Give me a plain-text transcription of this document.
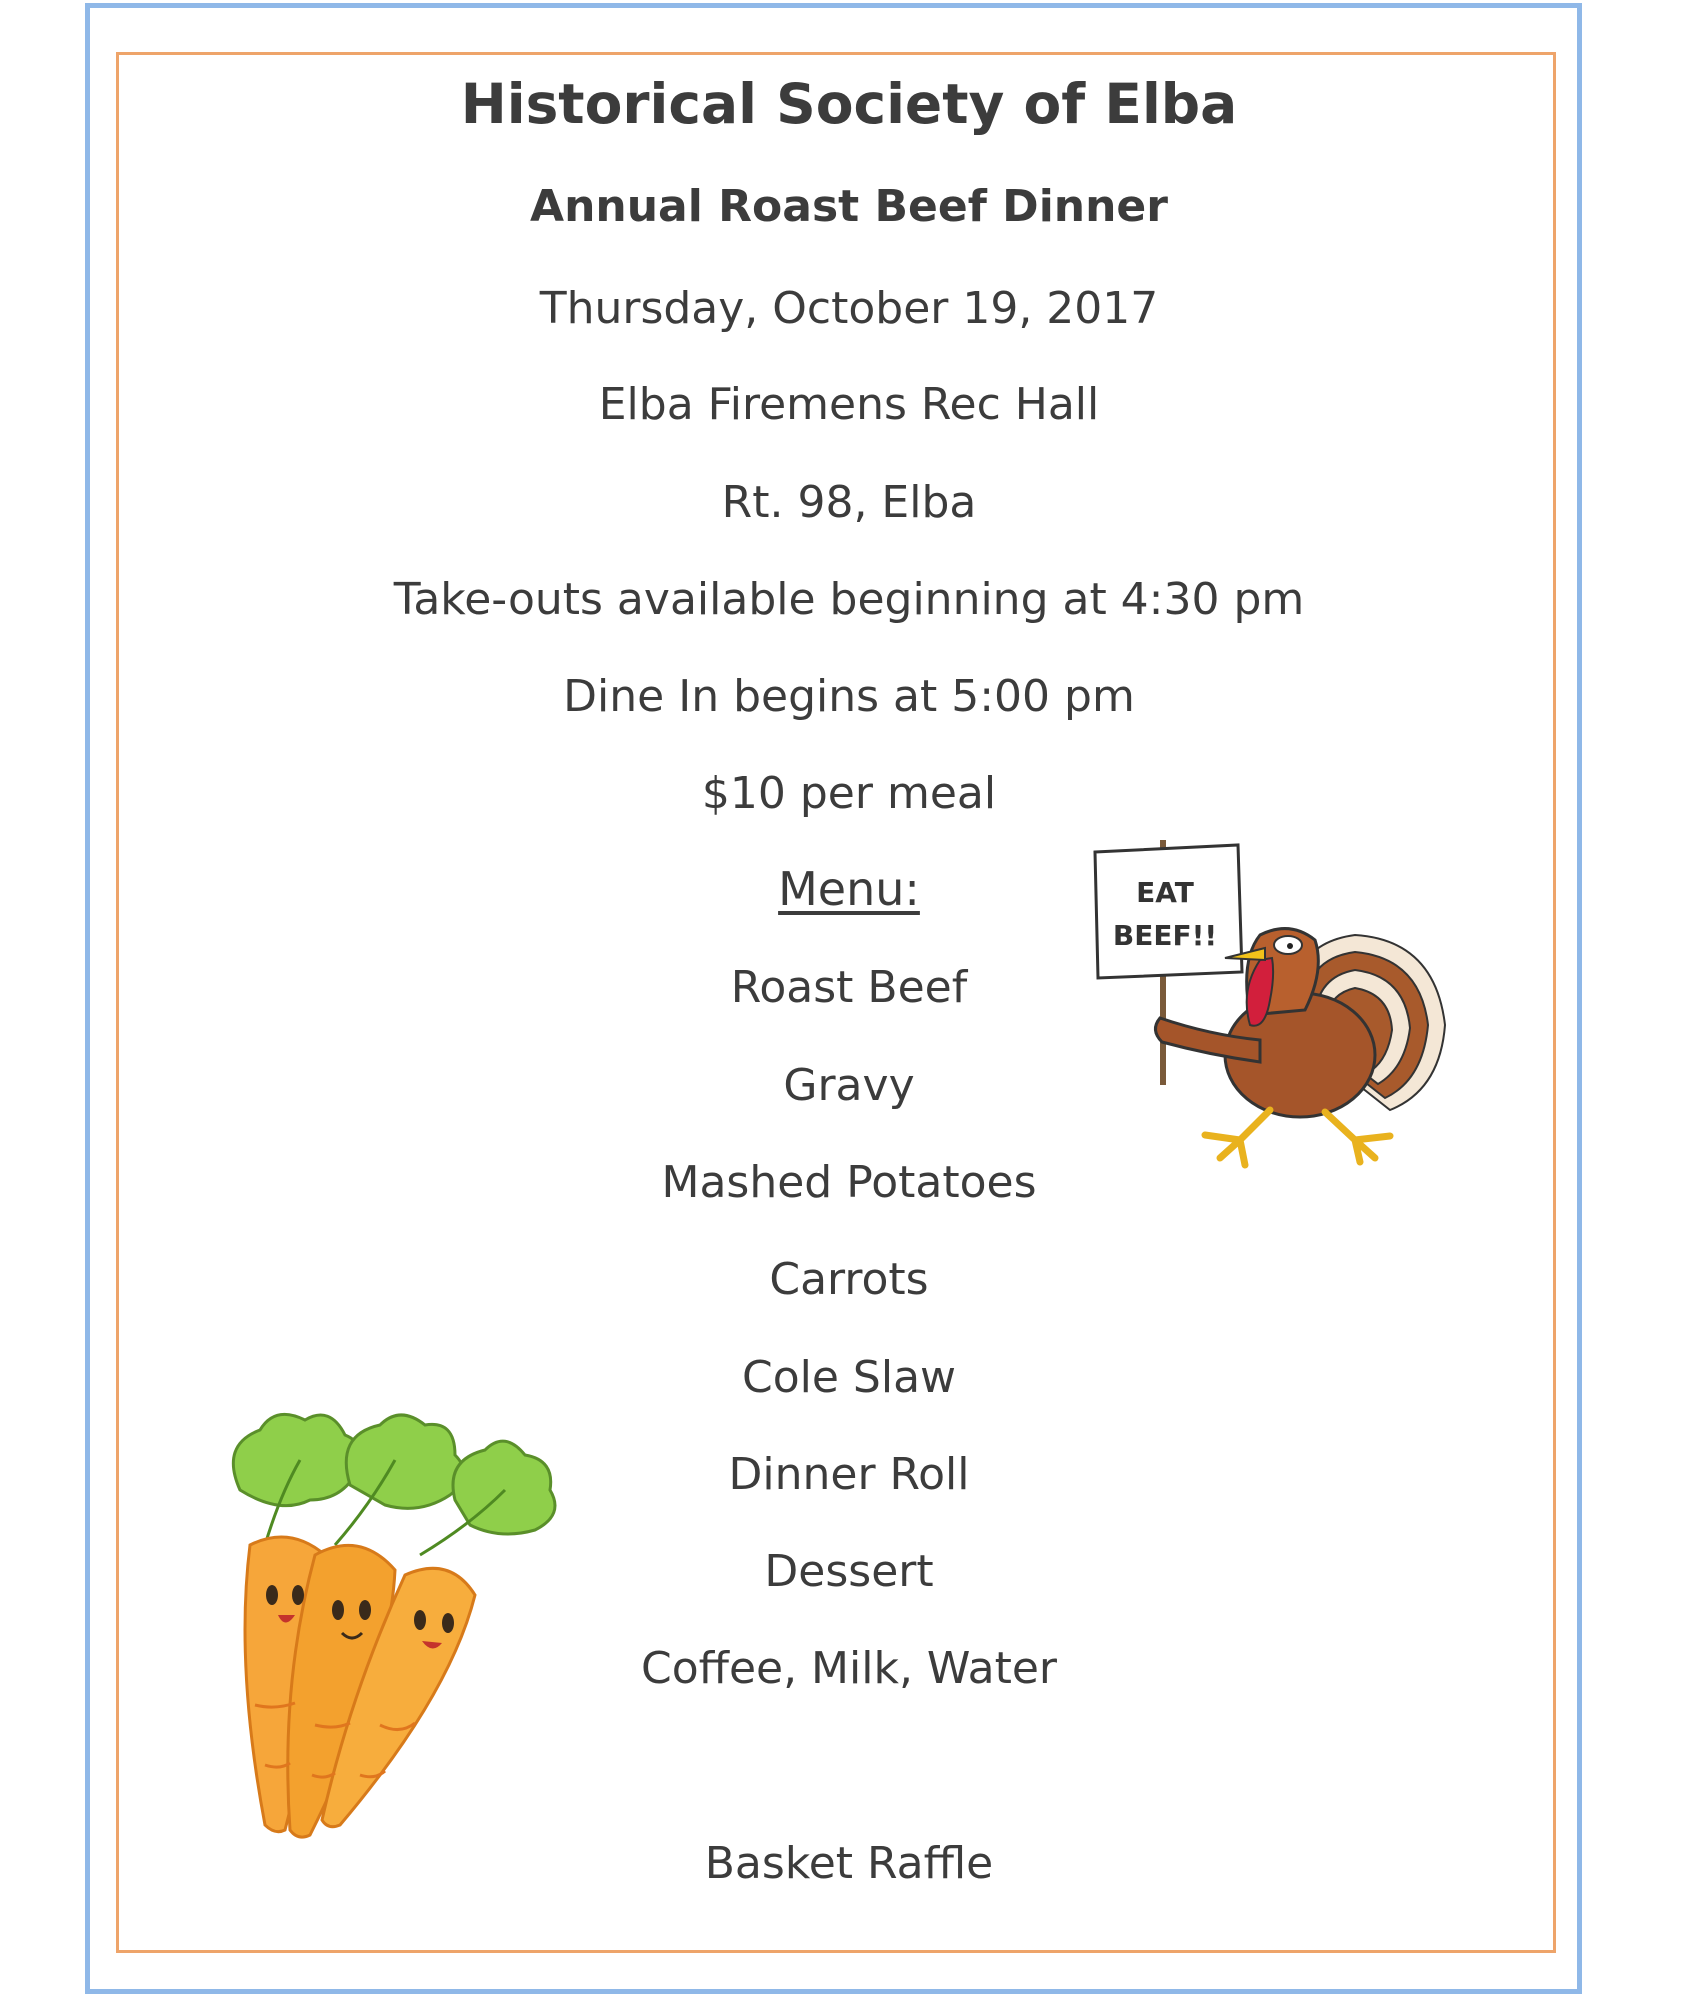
Historical Society of Elba
Annual Roast Beef Dinner

Thursday, October 19, 2017

Elba Firemens Rec Hall

Rt. 98, Elba

Take-outs available beginning at 4:30 pm

Dine In begins at 5:00 pm

$10 per meal

Menu:

Roast Beef

Gravy

Mashed Potatoes

Carrots

Cole Slaw

Dinner Roll

Dessert

Coffee, Milk, Water

Basket Raffle

EAT
BEEF!!
